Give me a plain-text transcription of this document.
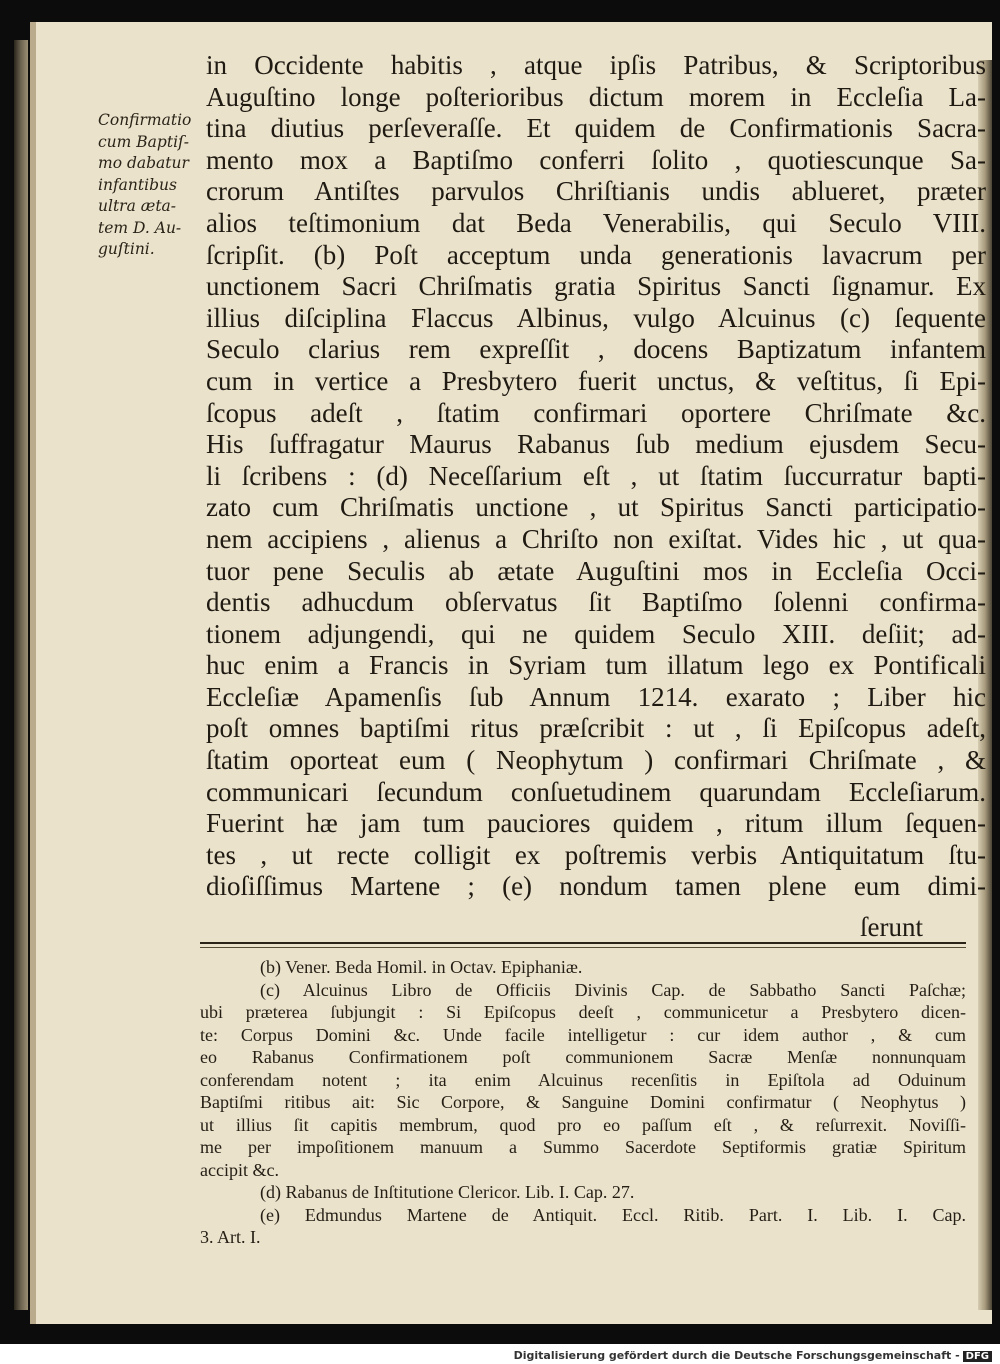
Confirmatio
cum Baptiſ-
mo dabatur
infantibus
ultra æta-
tem D. Au-
guſtini.
in Occidente habitis , atque ipſis Patribus, & Scriptoribus
Auguſtino longe poſterioribus dictum morem in Eccleſia La-
tina diutius perſeveraſſe. Et quidem de Confirmationis Sacra-
mento mox a Baptiſmo conferri ſolito , quotiescunque Sa-
crorum Antiſtes parvulos Chriſtianis undis ablueret, præter
alios teſtimonium dat Beda Venerabilis, qui Seculo VIII.
ſcripſit. (b) Poſt acceptum unda generationis lavacrum per
unctionem Sacri Chriſmatis gratia Spiritus Sancti ſignamur. Ex
illius diſciplina Flaccus Albinus, vulgo Alcuinus (c) ſequente
Seculo clarius rem expreſſit , docens Baptizatum infantem
cum in vertice a Presbytero fuerit unctus, & veſtitus, ſi Epi-
ſcopus adeſt , ſtatim confirmari oportere Chriſmate &c.
His ſuffragatur Maurus Rabanus ſub medium ejusdem Secu-
li ſcribens : (d) Neceſſarium eſt , ut ſtatim ſuccurratur bapti-
zato cum Chriſmatis unctione , ut Spiritus Sancti participatio-
nem accipiens , alienus a Chriſto non exiſtat. Vides hic , ut qua-
tuor pene Seculis ab ætate Auguſtini mos in Eccleſia Occi-
dentis adhucdum obſervatus ſit Baptiſmo ſolenni confirma-
tionem adjungendi, qui ne quidem Seculo XIII. deſiit; ad-
huc enim a Francis in Syriam tum illatum lego ex Pontificali
Eccleſiæ Apamenſis ſub Annum 1214. exarato ; Liber hic
poſt omnes baptiſmi ritus præſcribit : ut , ſi Epiſcopus adeſt,
ſtatim oporteat eum ( Neophytum ) confirmari Chriſmate , &
communicari ſecundum conſuetudinem quarundam Eccleſiarum.
Fuerint hæ jam tum pauciores quidem , ritum illum ſequen-
tes , ut recte colligit ex poſtremis verbis Antiquitatum ſtu-
dioſiſſimus Martene ; (e) nondum tamen plene eum dimi-
ſerunt
(b) Vener. Beda Homil. in Octav. Epiphaniæ.
(c) Alcuinus Libro de Officiis Divinis Cap. de Sabbatho Sancti Paſchæ;
ubi præterea ſubjungit : Si Epiſcopus deeſt , communicetur a Presbytero dicen-
te: Corpus Domini &c. Unde facile intelligetur : cur idem author , & cum
eo Rabanus Confirmationem poſt communionem Sacræ Menſæ nonnunquam
conferendam notent ; ita enim Alcuinus recenſitis in Epiſtola ad Oduinum
Baptiſmi ritibus ait: Sic Corpore, & Sanguine Domini confirmatur ( Neophytus )
ut illius ſit capitis membrum, quod pro eo paſſum eſt , & reſurrexit. Noviſſi-
me per impoſitionem manuum a Summo Sacerdote Septiformis gratiæ Spiritum
accipit &c.
(d) Rabanus de Inſtitutione Clericor. Lib. I. Cap. 27.
(e) Edmundus Martene de Antiquit. Eccl. Ritib. Part. I. Lib. I. Cap.
3. Art. I.
Digitalisierung gefördert durch die Deutsche Forschungsgemeinschaft - DFG
